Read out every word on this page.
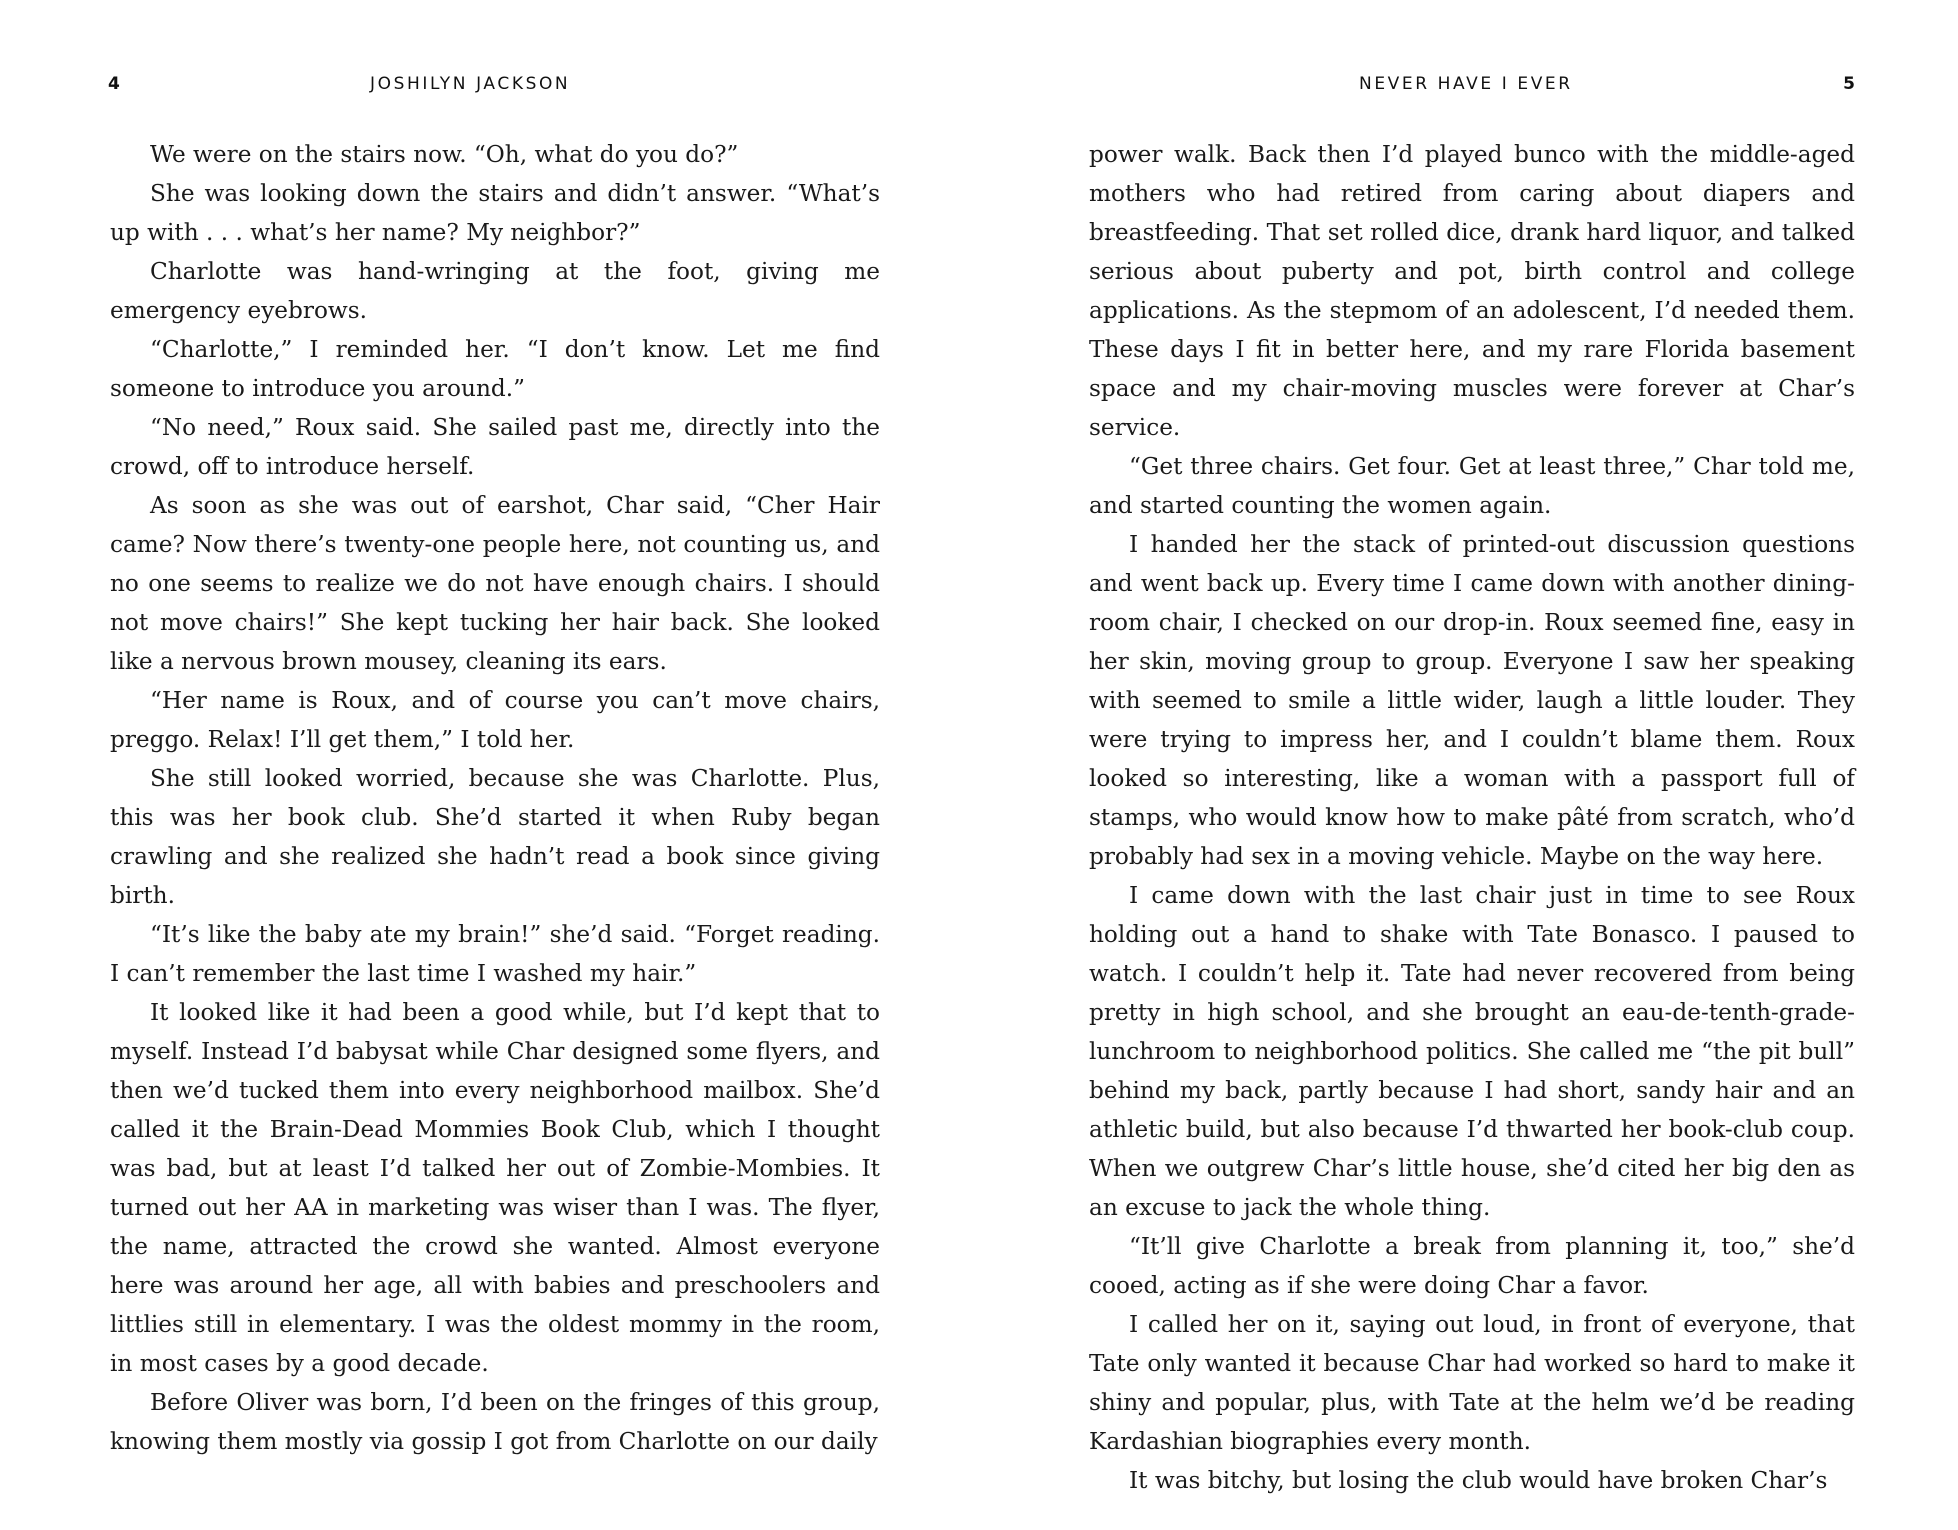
4	JOSHILYN JACKSON

We were on the stairs now. “Oh, what do you do?”

She was looking down the stairs and didn’t answer. “What’s up with . . . what’s her name? My neighbor?”

Charlotte was hand-wringing at the foot, giving me emergency eyebrows.

“Charlotte,” I reminded her. “I don’t know. Let me find someone to introduce you around.”

“No need,” Roux said. She sailed past me, directly into the crowd, off to introduce herself.

As soon as she was out of earshot, Char said, “Cher Hair came? Now there’s twenty-one people here, not counting us, and no one seems to realize we do not have enough chairs. I should not move chairs!” She kept tucking her hair back. She looked like a nervous brown mousey, cleaning its ears.

“Her name is Roux, and of course you can’t move chairs, preggo. Relax! I’ll get them,” I told her.

She still looked worried, because she was Charlotte. Plus, this was her book club. She’d started it when Ruby began crawling and she realized she hadn’t read a book since giving birth.

“It’s like the baby ate my brain!” she’d said. “Forget reading. I can’t remember the last time I washed my hair.”

It looked like it had been a good while, but I’d kept that to myself. Instead I’d babysat while Char designed some flyers, and then we’d tucked them into every neighborhood mailbox. She’d called it the Brain-Dead Mommies Book Club, which I thought was bad, but at least I’d talked her out of Zombie-Mombies. It turned out her AA in marketing was wiser than I was. The flyer, the name, attracted the crowd she wanted. Almost everyone here was around her age, all with babies and preschoolers and littlies still in elementary. I was the oldest mommy in the room, in most cases by a good decade.

Before Oliver was born, I’d been on the fringes of this group, knowing them mostly via gossip I got from Charlotte on our daily

NEVER HAVE I EVER	5

power walk. Back then I’d played bunco with the middle-aged mothers who had retired from caring about diapers and breastfeeding. That set rolled dice, drank hard liquor, and talked serious about puberty and pot, birth control and college applications. As the stepmom of an adolescent, I’d needed them. These days I fit in better here, and my rare Florida basement space and my chair-moving muscles were forever at Char’s service.

“Get three chairs. Get four. Get at least three,” Char told me, and started counting the women again.

I handed her the stack of printed-out discussion questions and went back up. Every time I came down with another dining-room chair, I checked on our drop-in. Roux seemed fine, easy in her skin, moving group to group. Everyone I saw her speaking with seemed to smile a little wider, laugh a little louder. They were trying to impress her, and I couldn’t blame them. Roux looked so interesting, like a woman with a passport full of stamps, who would know how to make pâté from scratch, who’d probably had sex in a moving vehicle. Maybe on the way here.

I came down with the last chair just in time to see Roux holding out a hand to shake with Tate Bonasco. I paused to watch. I couldn’t help it. Tate had never recovered from being pretty in high school, and she brought an eau-de-tenth-grade-lunchroom to neighborhood politics. She called me “the pit bull” behind my back, partly because I had short, sandy hair and an athletic build, but also because I’d thwarted her book-club coup. When we outgrew Char’s little house, she’d cited her big den as an excuse to jack the whole thing.

“It’ll give Charlotte a break from planning it, too,” she’d cooed, acting as if she were doing Char a favor.

I called her on it, saying out loud, in front of everyone, that Tate only wanted it because Char had worked so hard to make it shiny and popular, plus, with Tate at the helm we’d be reading Kardashian biographies every month.

It was bitchy, but losing the club would have broken Char’s
